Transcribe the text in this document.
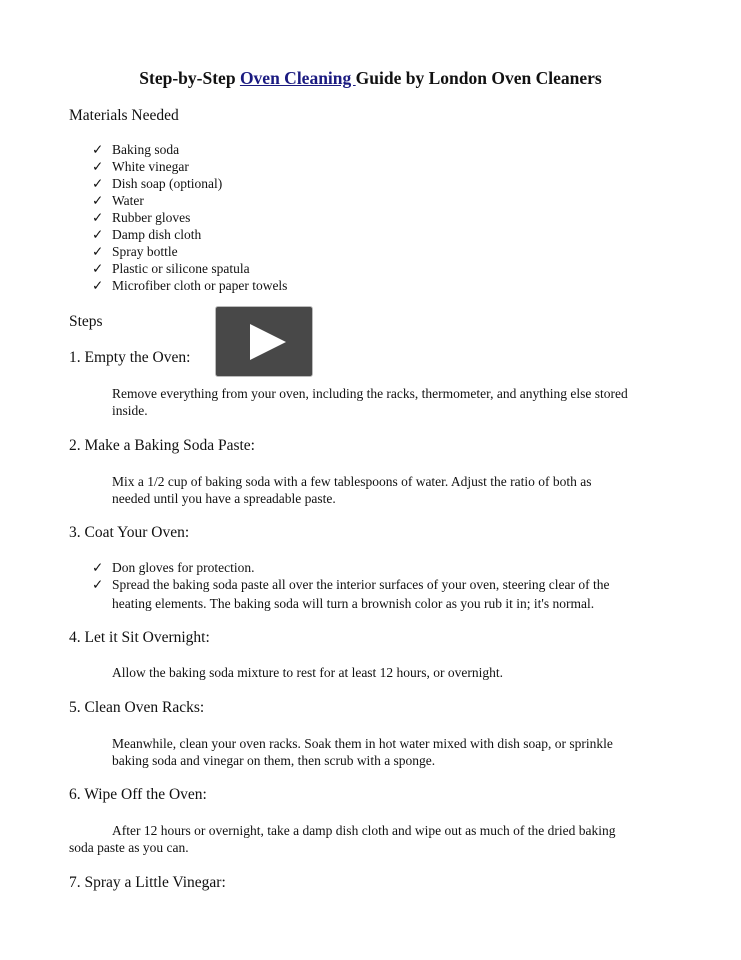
Step-by-Step Oven Cleaning Guide by London Oven Cleaners
Materials Needed
✓ Baking soda
✓ White vinegar
✓ Dish soap (optional)
✓ Water
✓ Rubber gloves
✓ Damp dish cloth
✓ Spray bottle
✓ Plastic or silicone spatula
✓ Microfiber cloth or paper towels
Steps
1. Empty the Oven:
Remove everything from your oven, including the racks, thermometer, and anything else stored
inside.
2. Make a Baking Soda Paste:
Mix a 1/2 cup of baking soda with a few tablespoons of water. Adjust the ratio of both as
needed until you have a spreadable paste.
3. Coat Your Oven:
✓ Don gloves for protection.
✓ Spread the baking soda paste all over the interior surfaces of your oven, steering clear of the
heating elements. The baking soda will turn a brownish color as you rub it in; it's normal.
4. Let it Sit Overnight:
Allow the baking soda mixture to rest for at least 12 hours, or overnight.
5. Clean Oven Racks:
Meanwhile, clean your oven racks. Soak them in hot water mixed with dish soap, or sprinkle
baking soda and vinegar on them, then scrub with a sponge.
6. Wipe Off the Oven:
After 12 hours or overnight, take a damp dish cloth and wipe out as much of the dried baking
soda paste as you can.
7. Spray a Little Vinegar:
